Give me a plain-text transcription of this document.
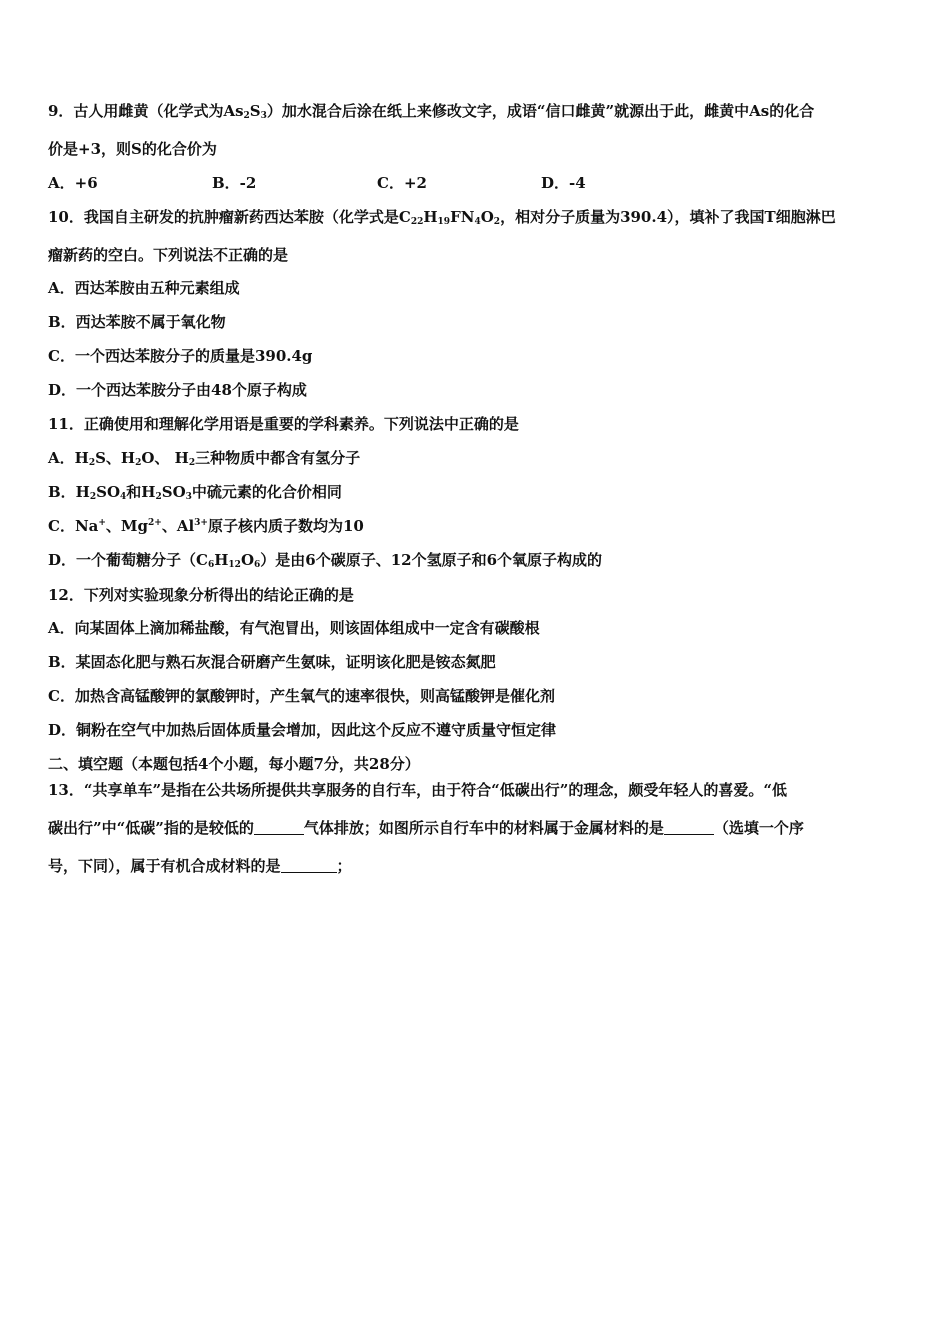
9．古人用雌黄（化学式为$As_2S_3$）加水混合后涂在纸上来修改文字，成语“信口雌黄”就源出于此，雌黄中As的化合
价是+3，则S的化合价为
A．+6	B．-2	C．+2	D．-4
10．我国自主研发的抗肿瘤新药西达苯胺（化学式是$C_{22}H_{19}FN_4O_2$，相对分子质量为390.4），填补了我国T细胞淋巴
瘤新药的空白。下列说法不正确的是
A．西达苯胺由五种元素组成
B．西达苯胺不属于氧化物
C．一个西达苯胺分子的质量是390.4g
D．一个西达苯胺分子由48个原子构成
11．正确使用和理解化学用语是重要的学科素养。下列说法中正确的是
A．$H_2S$、$H_2O$、 $H_2$三种物质中都含有氢分子
B．$H_2SO_4$和$H_2SO_3$中硫元素的化合价相同
C．Na+、$Mg^{2+}$、$Al^{3+}$原子核内质子数均为10
D．一个葡萄糖分子$(C_6H_{12}O_6)$是由6个碳原子、12个氢原子和6个氧原子构成的
12．下列对实验现象分析得出的结论正确的是
A．向某固体上滴加稀盐酸，有气泡冒出，则该固体组成中一定含有碳酸根
B．某固态化肥与熟石灰混合研磨产生氨味，证明该化肥是铵态氮肥
C．加热含高锰酸钾的氯酸钾时，产生氧气的速率很快，则高锰酸钾是催化剂
D．铜粉在空气中加热后固体质量会增加，因此这个反应不遵守质量守恒定律
二、填空题（本题包括4个小题，每小题7分，共28分）
13．“共享单车”是指在公共场所提供共享服务的自行车，由于符合“低碳出行”的理念，颇受年轻人的喜爱。“低
碳出行”中“低碳”指的是较低的	气体排放；如图所示自行车中的材料属于金属材料的是	（选填一个序
号，下同），属于有机合成材料的是	；
